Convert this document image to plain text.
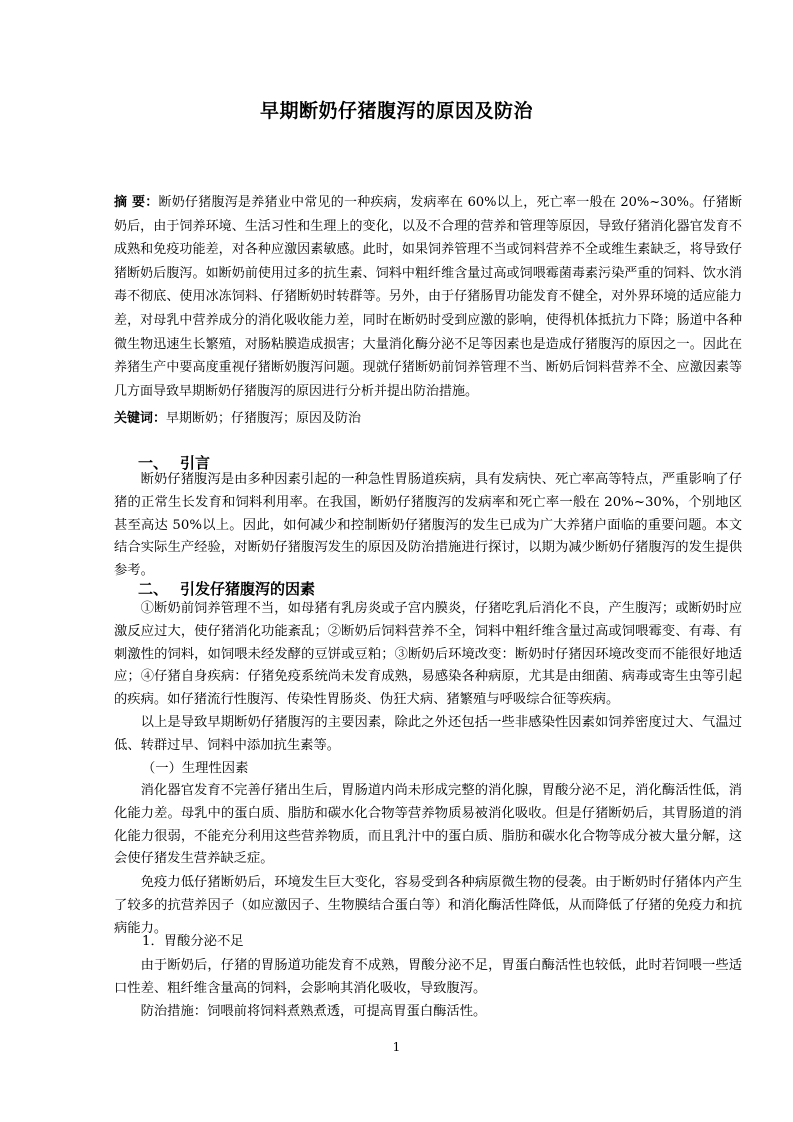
早期断奶仔猪腹泻的原因及防治
摘 要：断奶仔猪腹泻是养猪业中常见的一种疾病，发病率在 60%以上，死亡率一般在 20%~30%。仔猪断奶后，由于饲养环境、生活习性和生理上的变化，以及不合理的营养和管理等原因，导致仔猪消化器官发育不成熟和免疫功能差，对各种应激因素敏感。此时，如果饲养管理不当或饲料营养不全或维生素缺乏，将导致仔猪断奶后腹泻。如断奶前使用过多的抗生素、饲料中粗纤维含量过高或饲喂霉菌毒素污染严重的饲料、饮水消毒不彻底、使用冰冻饲料、仔猪断奶时转群等。另外，由于仔猪肠胃功能发育不健全，对外界环境的适应能力差，对母乳中营养成分的消化吸收能力差，同时在断奶时受到应激的影响，使得机体抵抗力下降；肠道中各种微生物迅速生长繁殖，对肠粘膜造成损害；大量消化酶分泌不足等因素也是造成仔猪腹泻的原因之一。因此在养猪生产中要高度重视仔猪断奶腹泻问题。现就仔猪断奶前饲养管理不当、断奶后饲料营养不全、应激因素等几方面导致早期断奶仔猪腹泻的原因进行分析并提出防治措施。
关键词：早期断奶；仔猪腹泻；原因及防治
一、 引言
断奶仔猪腹泻是由多种因素引起的一种急性胃肠道疾病，具有发病快、死亡率高等特点，严重影响了仔猪的正常生长发育和饲料利用率。在我国，断奶仔猪腹泻的发病率和死亡率一般在 20%~30%，个别地区甚至高达 50%以上。因此，如何减少和控制断奶仔猪腹泻的发生已成为广大养猪户面临的重要问题。本文结合实际生产经验，对断奶仔猪腹泻发生的原因及防治措施进行探讨，以期为减少断奶仔猪腹泻的发生提供参考。
二、 引发仔猪腹泻的因素
①断奶前饲养管理不当，如母猪有乳房炎或子宫内膜炎，仔猪吃乳后消化不良，产生腹泻；或断奶时应激反应过大，使仔猪消化功能紊乱；②断奶后饲料营养不全，饲料中粗纤维含量过高或饲喂霉变、有毒、有刺激性的饲料，如饲喂未经发酵的豆饼或豆粕；③断奶后环境改变：断奶时仔猪因环境改变而不能很好地适应；④仔猪自身疾病：仔猪免疫系统尚未发育成熟，易感染各种病原，尤其是由细菌、病毒或寄生虫等引起的疾病。如仔猪流行性腹泻、传染性胃肠炎、伪狂犬病、猪繁殖与呼吸综合征等疾病。
以上是导致早期断奶仔猪腹泻的主要因素，除此之外还包括一些非感染性因素如饲养密度过大、气温过低、转群过早、饲料中添加抗生素等。
（一）生理性因素
消化器官发育不完善仔猪出生后，胃肠道内尚未形成完整的消化腺，胃酸分泌不足，消化酶活性低，消化能力差。母乳中的蛋白质、脂肪和碳水化合物等营养物质易被消化吸收。但是仔猪断奶后，其胃肠道的消化能力很弱，不能充分利用这些营养物质，而且乳汁中的蛋白质、脂肪和碳水化合物等成分被大量分解，这会使仔猪发生营养缺乏症。
免疫力低仔猪断奶后，环境发生巨大变化，容易受到各种病原微生物的侵袭。由于断奶时仔猪体内产生了较多的抗营养因子（如应激因子、生物膜结合蛋白等）和消化酶活性降低，从而降低了仔猪的免疫力和抗病能力。
1．胃酸分泌不足
由于断奶后，仔猪的胃肠道功能发育不成熟，胃酸分泌不足，胃蛋白酶活性也较低，此时若饲喂一些适口性差、粗纤维含量高的饲料，会影响其消化吸收，导致腹泻。
防治措施：饲喂前将饲料煮熟煮透，可提高胃蛋白酶活性。
1
